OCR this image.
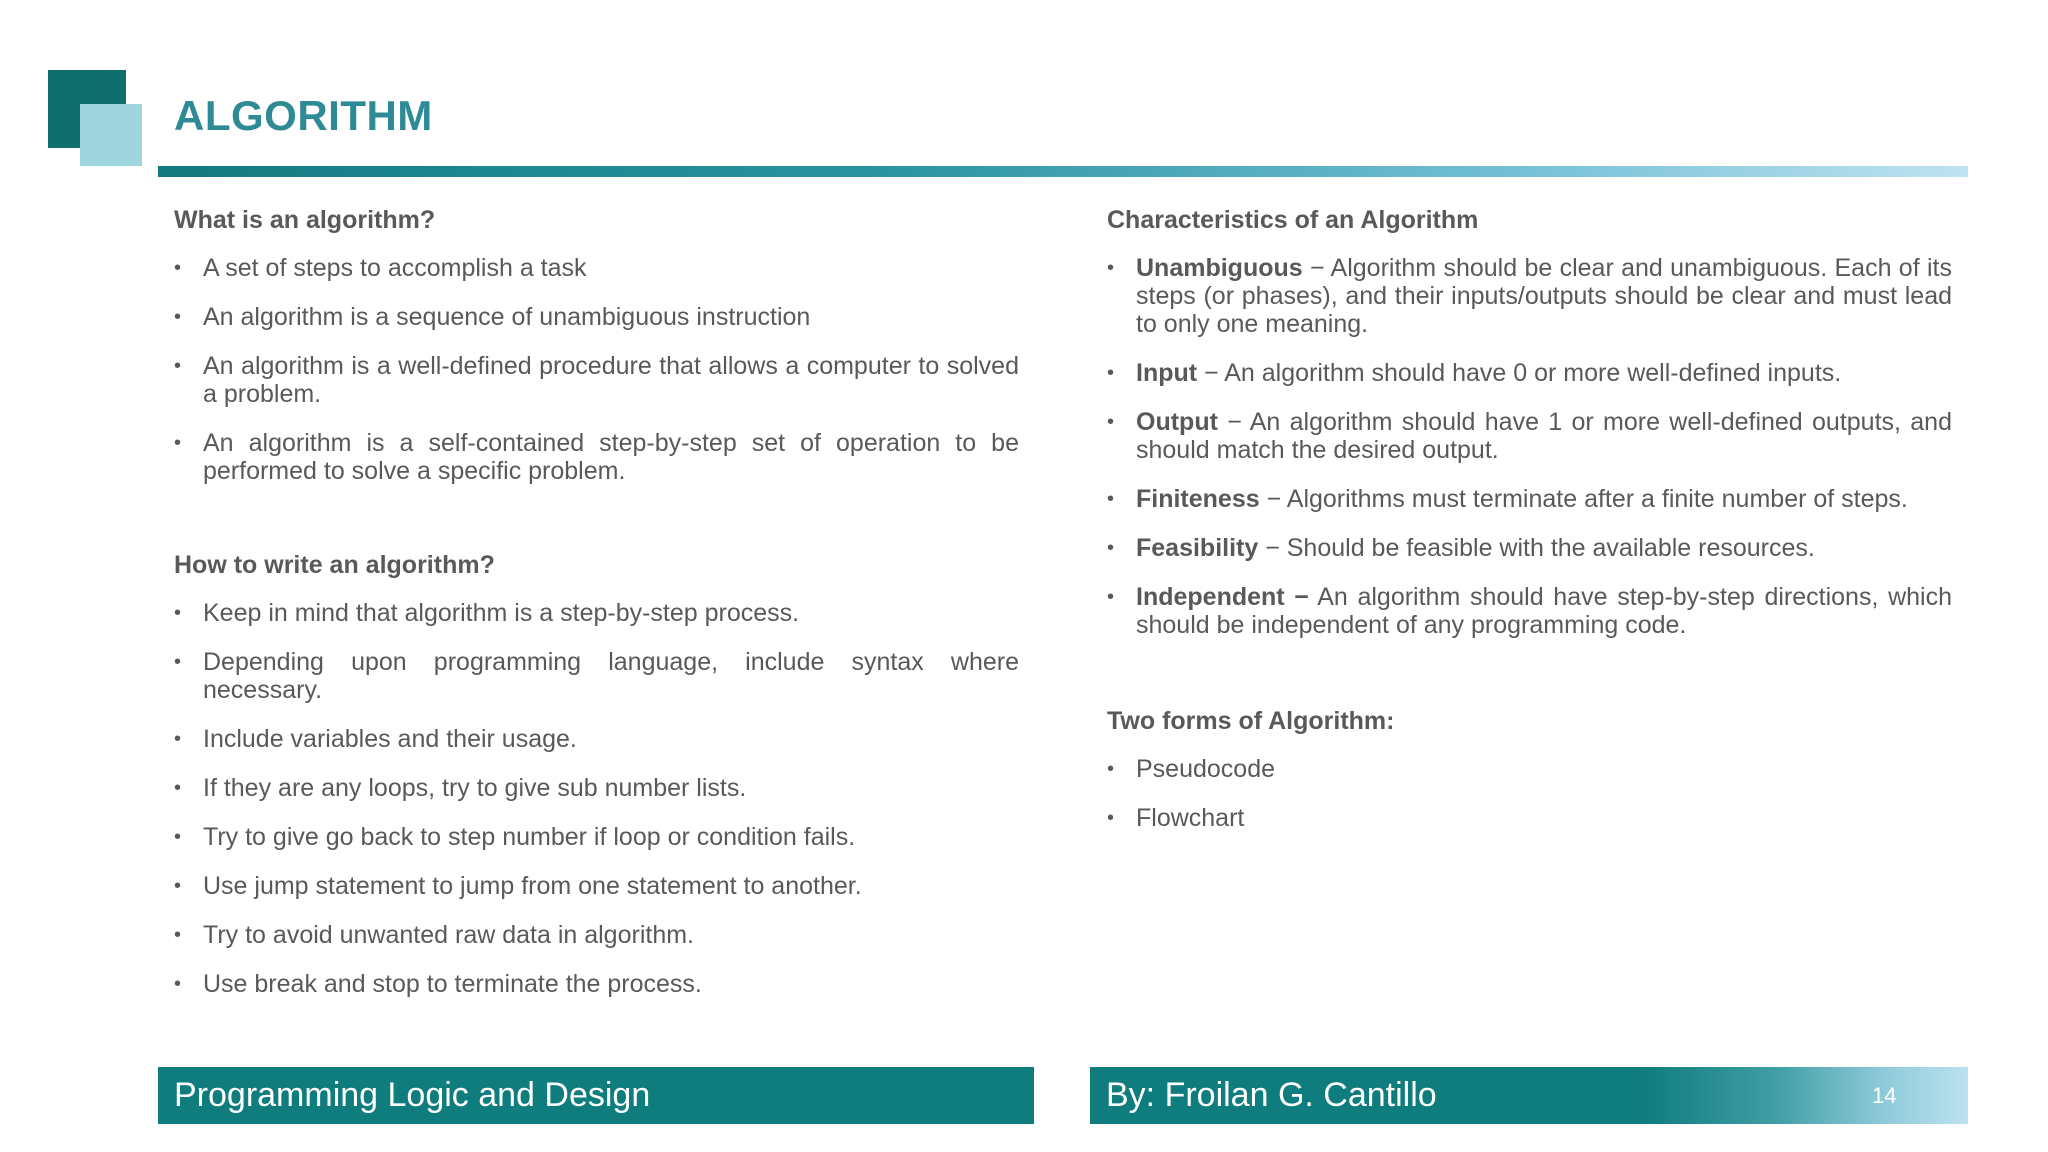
ALGORITHM
What is an algorithm?
• A set of steps to accomplish a task
• An algorithm is a sequence of unambiguous instruction
• An algorithm is a well-defined procedure that allows a computer to solved a problem.
• An algorithm is a self-contained step-by-step set of operation to be performed to solve a specific problem.
How to write an algorithm?
• Keep in mind that algorithm is a step-by-step process.
• Depending upon programming language, include syntax where necessary.
• Include variables and their usage.
• If they are any loops, try to give sub number lists.
• Try to give go back to step number if loop or condition fails.
• Use jump statement to jump from one statement to another.
• Try to avoid unwanted raw data in algorithm.
• Use break and stop to terminate the process.
Characteristics of an Algorithm
• Unambiguous − Algorithm should be clear and unambiguous. Each of its steps (or phases), and their inputs/outputs should be clear and must lead to only one meaning.
• Input − An algorithm should have 0 or more well-defined inputs.
• Output − An algorithm should have 1 or more well-defined outputs, and should match the desired output.
• Finiteness − Algorithms must terminate after a finite number of steps.
• Feasibility − Should be feasible with the available resources.
• Independent − An algorithm should have step-by-step directions, which should be independent of any programming code.
Two forms of Algorithm:
• Pseudocode
• Flowchart
Programming Logic and Design	By: Froilan G. Cantillo	14
